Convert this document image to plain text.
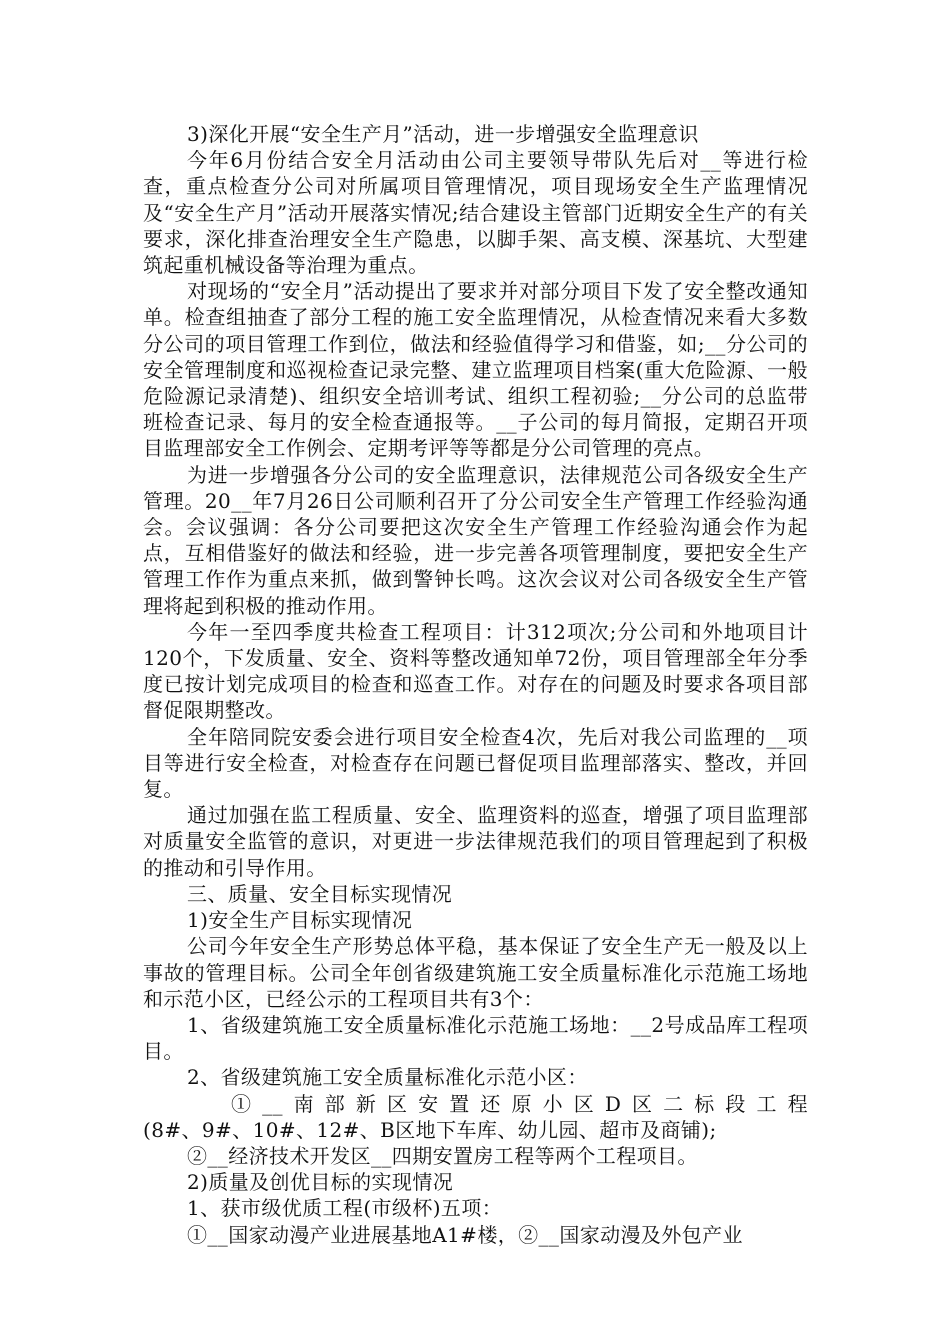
3)深化开展“安全生产月”活动，进一步增强安全监理意识

今年6月份结合安全月活动由公司主要领导带队先后对__等进行检查，重点检查分公司对所属项目管理情况，项目现场安全生产监理情况及“安全生产月”活动开展落实情况;结合建设主管部门近期安全生产的有关要求，深化排查治理安全生产隐患，以脚手架、高支模、深基坑、大型建筑起重机械设备等治理为重点。

对现场的“安全月”活动提出了要求并对部分项目下发了安全整改通知单。检查组抽查了部分工程的施工安全监理情况，从检查情况来看大多数分公司的项目管理工作到位，做法和经验值得学习和借鉴，如;__分公司的安全管理制度和巡视检查记录完整、建立监理项目档案(重大危险源、一般危险源记录清楚)、组织安全培训考试、组织工程初验;__分公司的总监带班检查记录、每月的安全检查通报等。__子公司的每月简报，定期召开项目监理部安全工作例会、定期考评等等都是分公司管理的亮点。

为进一步增强各分公司的安全监理意识，法律规范公司各级安全生产管理。20__年7月26日公司顺利召开了分公司安全生产管理工作经验沟通会。会议强调：各分公司要把这次安全生产管理工作经验沟通会作为起点，互相借鉴好的做法和经验，进一步完善各项管理制度，要把安全生产管理工作作为重点来抓，做到警钟长鸣。这次会议对公司各级安全生产管理将起到积极的推动作用。

今年一至四季度共检查工程项目：计312项次;分公司和外地项目计120个，下发质量、安全、资料等整改通知单72份，项目管理部全年分季度已按计划完成项目的检查和巡查工作。对存在的问题及时要求各项目部督促限期整改。

全年陪同院安委会进行项目安全检查4次，先后对我公司监理的__项目等进行安全检查，对检查存在问题已督促项目监理部落实、整改，并回复。

通过加强在监工程质量、安全、监理资料的巡查，增强了项目监理部对质量安全监管的意识，对更进一步法律规范我们的项目管理起到了积极的推动和引导作用。

三、质量、安全目标实现情况

1)安全生产目标实现情况

公司今年安全生产形势总体平稳，基本保证了安全生产无一般及以上事故的管理目标。公司全年创省级建筑施工安全质量标准化示范施工场地和示范小区，已经公示的工程项目共有3个：

1、省级建筑施工安全质量标准化示范施工场地：__2号成品库工程项目。

2、省级建筑施工安全质量标准化示范小区：

①__南部新区安置还原小区D区二标段工程

(8#、9#、10#、12#、B区地下车库、幼儿园、超市及商铺);

②__经济技术开发区__四期安置房工程等两个工程项目。

2)质量及创优目标的实现情况

1、获市级优质工程(市级杯)五项：

①__国家动漫产业进展基地A1#楼，②__国家动漫及外包产业
